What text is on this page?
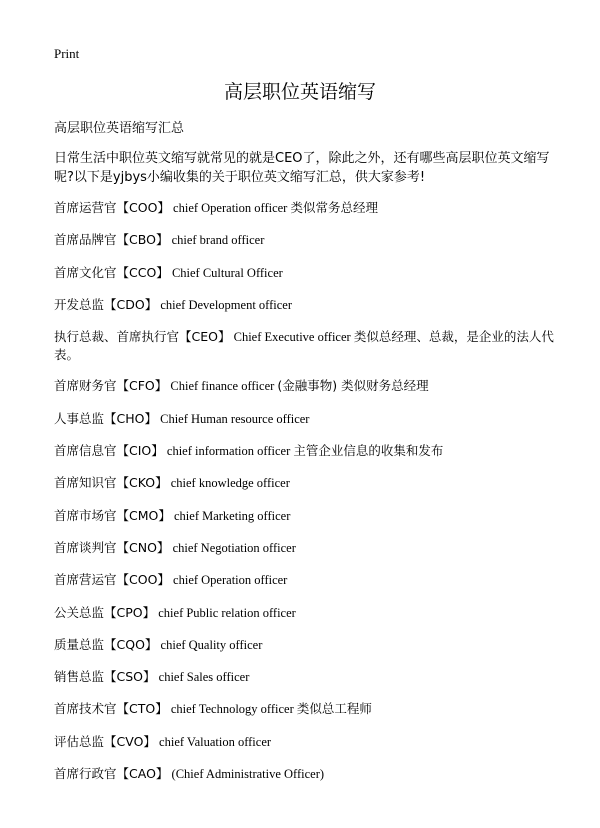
Print
高层职位英语缩写
高层职位英语缩写汇总
日常生活中职位英文缩写就常见的就是CEO了，除此之外，还有哪些高层职位英文缩写呢?以下是yjbys小编收集的关于职位英文缩写汇总，供大家参考!
首席运营官【COO】 chief Operation officer 类似常务总经理
首席品牌官【CBO】 chief brand officer
首席文化官【CCO】 Chief Cultural Officer
开发总监【CDO】 chief Development officer
执行总裁、首席执行官【CEO】 Chief Executive officer 类似总经理、总裁，是企业的法人代表。
首席财务官【CFO】 Chief finance officer (金融事物) 类似财务总经理
人事总监【CHO】 Chief Human resource officer
首席信息官【CIO】 chief information officer 主管企业信息的收集和发布
首席知识官【CKO】 chief knowledge officer
首席市场官【CMO】 chief Marketing officer
首席谈判官【CNO】 chief Negotiation officer
首席营运官【COO】 chief Operation officer
公关总监【CPO】 chief Public relation officer
质量总监【CQO】 chief Quality officer
销售总监【CSO】 chief Sales officer
首席技术官【CTO】 chief Technology officer 类似总工程师
评估总监【CVO】 chief Valuation officer
首席行政官【CAO】 (Chief Administrative Officer)
